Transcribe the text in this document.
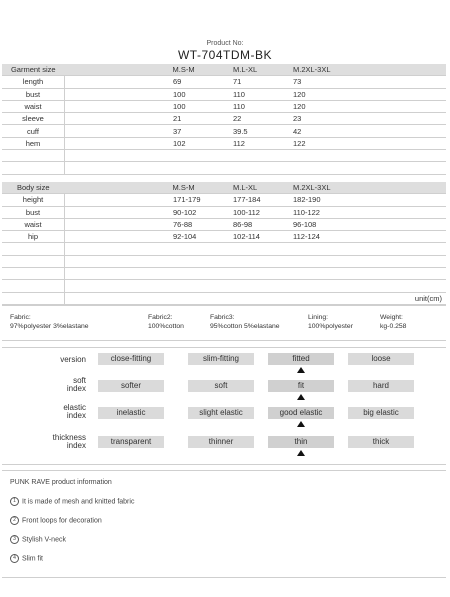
Product No:
WT-704TDM-BK
Garment size	M.S-M	M.L-XL	M.2XL-3XL	
length	69	71	73	
bust	100	110	120	
waist	100	110	120	
sleeve	21	22	23	
cuff	37	39.5	42	
hem	102	112	122	

Body size	M.S-M	M.L-XL	M.2XL-3XL	
height	171-179	177-184	182-190	
bust	90-102	100-112	110-122	
waist	76-88	86-98	96-108	
hip	92-104	102-114	112-124	

				unit(cm)
Fabric:
97%polyester 3%elastane
Fabric2:
100%cotton
Fabric3:
95%cotton 5%elastane
Lining:
100%polyester
Weight:
kg-0.258
version	close-fitting	slim-fitting	fitted	loose
soft
index	softer	soft	fit	hard
elastic
index	inelastic	slight elastic	good elastic	big elastic
thickness
index	transparent	thinner	thin	thick
PUNK RAVE product information
1 It is made of mesh and knitted fabric
2 Front loops for decoration
3 Stylish V-neck
4 Slim fit
